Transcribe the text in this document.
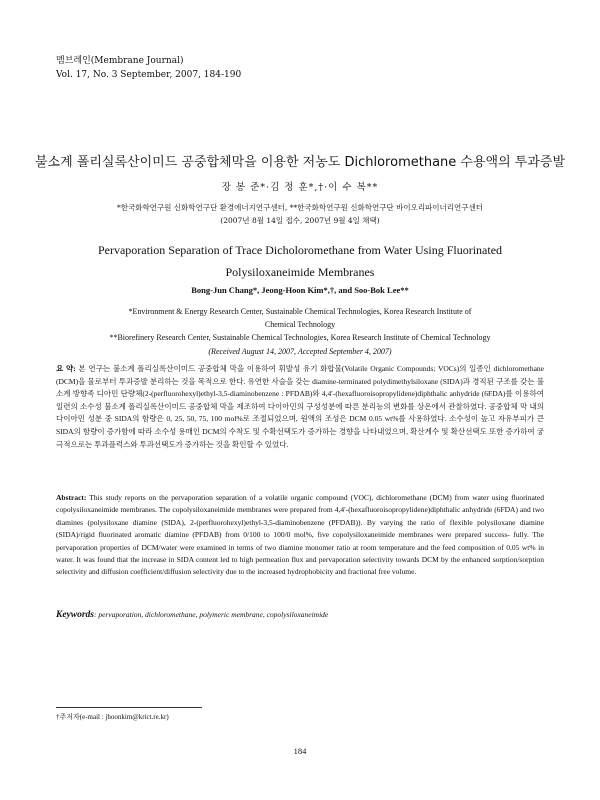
멤브레인(Membrane Journal)
Vol. 17, No. 3 September, 2007, 184-190
불소계 폴리실록산이미드 공중합체막을 이용한 저농도 Dichloromethane 수용액의 투과증발
장 봉 준*·김 정 훈*,†·이 수 복**
*한국화학연구원 신화학연구단 환경에너지연구센터, **한국화학연구원 신화학연구단 바이오리파이너리연구센터
(2007년 8월 14일 접수, 2007년 9월 4일 채택)
Pervaporation Separation of Trace Dicholoromethane from Water Using Fluorinated
Polysiloxaneimide Membranes
Bong-Jun Chang*, Jeong-Hoon Kim*,†, and Soo-Bok Lee**
*Environment & Energy Research Center, Sustainable Chemical Technologies, Korea Research Institute of
Chemical Technology
**Biorefinery Research Center, Sustainable Chemical Technologies, Korea Research Institute of Chemical Technology
(Received August 14, 2007, Accepted September 4, 2007)
요 약: 본 연구는 불소계 폴리실록산이미드 공중합체 막을 이용하여 휘발성 유기 화합물(Volatile Organic Compounds; VOCs)의 일종인 dichloromethane (DCM)을 물로부터 투과증발 분리하는 것을 목적으로 한다. 유연한 사슬을 갖는 diamine-terminated polydimethylsiloxane (SIDA)과 경직된 구조를 갖는 불소계 방향족 디아민 단량체(2-(perfluorohexyl)ethyl-3,5-diaminobenzene : PFDAB)와 4,4′-(hexafluoroisopropylidene)diphthalic anhydride (6FDA)를 이용하여 일련의 소수성 불소계 폴리실록산이미드 공중합체 막을 제조하여 다이아민의 구성성분에 따른 분리능의 변화를 상온에서 관찰하였다. 공중합체 막 내의 다이아민 성분 중 SIDA의 함량은 0, 25, 50, 75, 100 mol%로 조절되었으며, 원액의 조성은 DCM 0.05 wt%를 사용하였다. 소수성이 높고 자유부피가 큰 SIDA의 함량이 증가함에 따라 소수성 용매인 DCM의 수착도 및 수확선택도가 증가하는 경향을 나타내었으며, 확산계수 및 확산선택도 또한 증가하여 궁극적으로는 투과플럭스와 투과선택도가 증가하는 것을 확인할 수 있었다.
Abstract: This study reports on the pervaporation separation of a volatile organic compound (VOC), dichloromethane (DCM) from water using fluorinated copolysiloxaneimide membranes. The copolysiloxaneimide membranes were prepared from 4,4′-(hexafluoroisopropylidene)diphthalic anhydride (6FDA) and two diamines (polysiloxane diamine (SIDA), 2-(perfluorohexyl)ethyl-3,5-diaminobenzene (PFDAB)). By varying the ratio of flexible polysiloxane diamine (SIDA)/rigid fluorinated aromatic diamine (PFDAB) from 0/100 to 100/0 mol%, five copolysiloxaneimide membranes were prepared success- fully. The pervaporation properties of DCM/water were examined in terms of two diamine monomer ratio at room temperature and the feed composition of 0.05 wt% in water. It was found that the increase in SIDA content led to high permeation flux and pervaporation selectivity towards DCM by the enhanced sorption/sorption selectivity and diffusion coefficient/diffusion selectivity due to the increased hydrophobicity and fractional free volume.
Keywords: pervaporation, dichloromethane, polymeric membrane, copolysiloxaneimide
†주저자(e-mail : jhoonkim@krict.re.kr)
184
